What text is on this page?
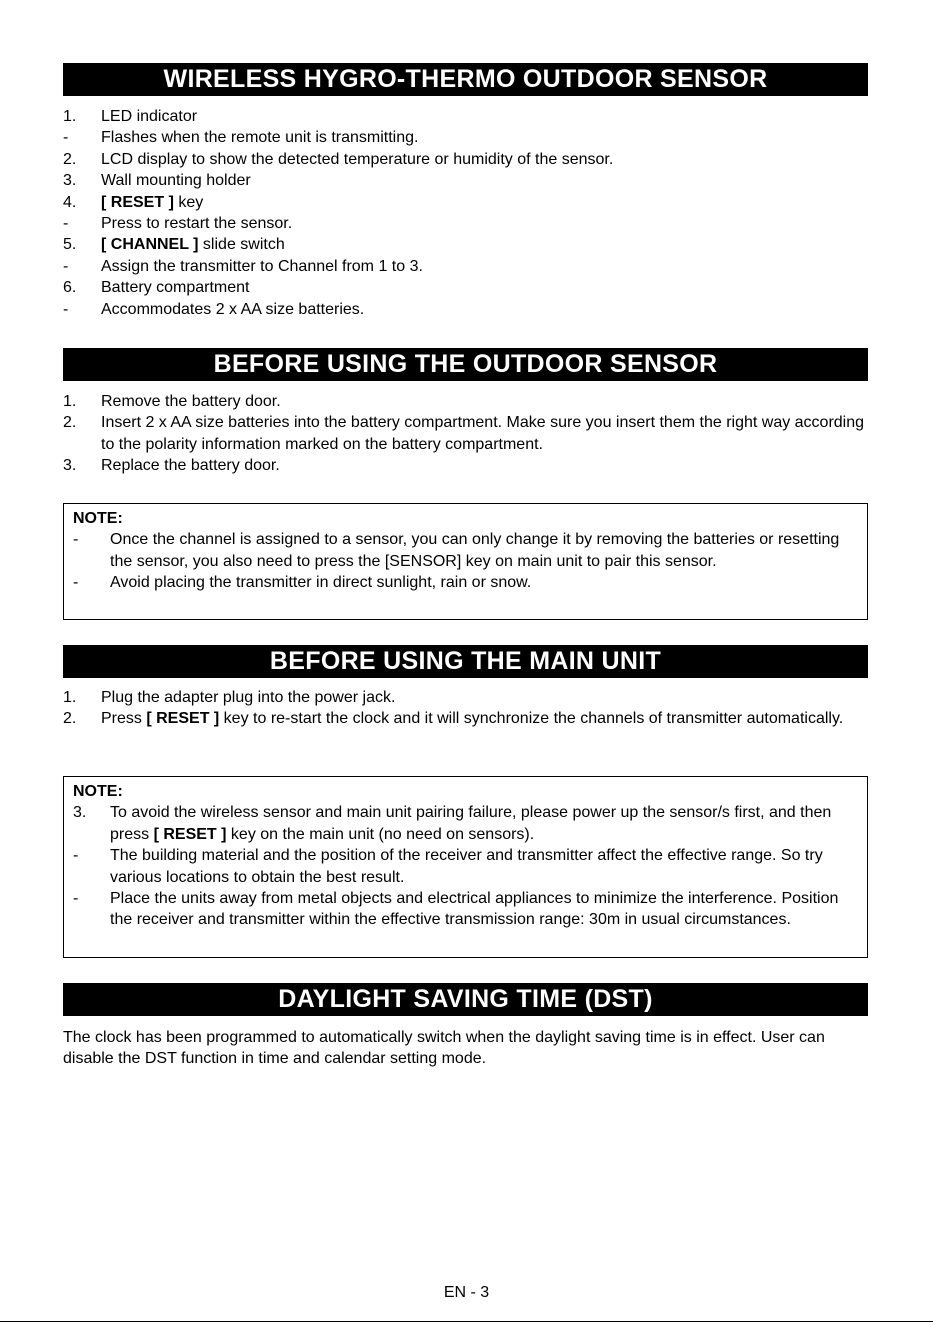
WIRELESS HYGRO-THERMO OUTDOOR SENSOR
1.	LED indicator
-	Flashes when the remote unit is transmitting.
2.	LCD display to show the detected temperature or humidity of the sensor.
3.	Wall mounting holder
4.	[ RESET ] key
-	Press to restart the sensor.
5.	[ CHANNEL ] slide switch
-	Assign the transmitter to Channel from 1 to 3.
6.	Battery compartment
-	Accommodates 2 x AA size batteries.
BEFORE USING THE OUTDOOR SENSOR
1.	Remove the battery door.
2.	Insert 2 x AA size batteries into the battery compartment. Make sure you insert them the right way according to the polarity information marked on the battery compartment.
3.	Replace the battery door.
NOTE:
-	Once the channel is assigned to a sensor, you can only change it by removing the batteries or resetting the sensor, you also need to press the [SENSOR] key on main unit to pair this sensor.
-	Avoid placing the transmitter in direct sunlight, rain or snow.
BEFORE USING THE MAIN UNIT
1.	Plug the adapter plug into the power jack.
2.	Press [ RESET ] key to re-start the clock and it will synchronize the channels of transmitter automatically.
NOTE:
3.	To avoid the wireless sensor and main unit pairing failure, please power up the sensor/s first, and then press [ RESET ] key on the main unit (no need on sensors).
-	The building material and the position of the receiver and transmitter affect the effective range. So try various locations to obtain the best result.
-	Place the units away from metal objects and electrical appliances to minimize the interference. Position the receiver and transmitter within the effective transmission range: 30m in usual circumstances.
DAYLIGHT SAVING TIME (DST)
The clock has been programmed to automatically switch when the daylight saving time is in effect. User can disable the DST function in time and calendar setting mode.
EN - 3
